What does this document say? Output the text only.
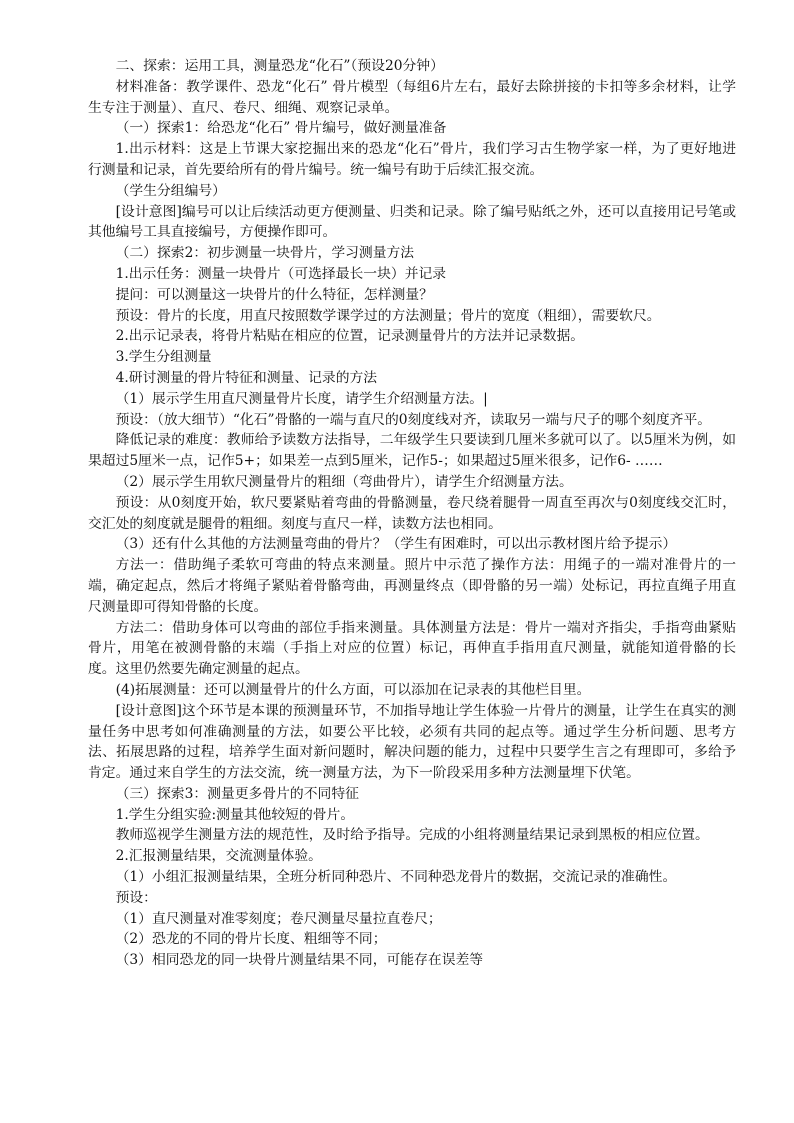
二、探索：运用工具，测量恐龙“化石”（预设20分钟）

材料准备：教学课件、恐龙“化石” 骨片模型（每组6片左右，最好去除拼接的卡扣等多余材料，让学生专注于测量）、直尺、卷尺、细绳、观察记录单。

（一）探索1：给恐龙“化石” 骨片编号，做好测量准备

1.出示材料：这是上节课大家挖掘出来的恐龙“化石”骨片，我们学习古生物学家一样，为了更好地进行测量和记录，首先要给所有的骨片编号。统一编号有助于后续汇报交流。

（学生分组编号）

[设计意图]编号可以让后续活动更方便测量、归类和记录。除了编号贴纸之外，还可以直接用记号笔或其他编号工具直接编号，方便操作即可。

（二）探索2：初步测量一块骨片，学习测量方法

1.出示任务：测量一块骨片（可选择最长一块）并记录

提问：可以测量这一块骨片的什么特征，怎样测量？

预设：骨片的长度，用直尺按照数学课学过的方法测量；骨片的宽度（粗细），需要软尺。

2.出示记录表，将骨片粘贴在相应的位置，记录测量骨片的方法并记录数据。

3.学生分组测量

4.研讨测量的骨片特征和测量、记录的方法

（1）展示学生用直尺测量骨片长度，请学生介绍测量方法。|

预设：（放大细节）“化石”骨骼的一端与直尺的0刻度线对齐，读取另一端与尺子的哪个刻度齐平。

降低记录的难度：教师给予读数方法指导，二年级学生只要读到几厘米多就可以了。以5厘米为例，如果超过5厘米一点，记作5+；如果差一点到5厘米，记作5-；如果超过5厘米很多，记作6- ……

（2）展示学生用软尺测量骨片的粗细（弯曲骨片），请学生介绍测量方法。

预设：从0刻度开始，软尺要紧贴着弯曲的骨骼测量，卷尺绕着腿骨一周直至再次与0刻度线交汇时，交汇处的刻度就是腿骨的粗细。刻度与直尺一样，读数方法也相同。

（3）还有什么其他的方法测量弯曲的骨片？（学生有困难时，可以出示教材图片给予提示）

方法一：借助绳子柔软可弯曲的特点来测量。照片中示范了操作方法：用绳子的一端对准骨片的一端，确定起点，然后才将绳子紧贴着骨骼弯曲，再测量终点（即骨骼的另一端）处标记，再拉直绳子用直尺测量即可得知骨骼的长度。

方法二：借助身体可以弯曲的部位手指来测量。具体测量方法是：骨片一端对齐指尖，手指弯曲紧贴骨片，用笔在被测骨骼的末端（手指上对应的位置）标记，再伸直手指用直尺测量，就能知道骨骼的长度。这里仍然要先确定测量的起点。

(4)拓展测量：还可以测量骨片的什么方面，可以添加在记录表的其他栏目里。

[设计意图]这个环节是本课的预测量环节，不加指导地让学生体验一片骨片的测量，让学生在真实的测量任务中思考如何准确测量的方法，如要公平比较，必须有共同的起点等。通过学生分析问题、思考方法、拓展思路的过程，培养学生面对新问题时，解决问题的能力，过程中只要学生言之有理即可，多给予肯定。通过来自学生的方法交流，统一测量方法，为下一阶段采用多种方法测量埋下伏笔。

（三）探索3：测量更多骨片的不同特征

1.学生分组实验:测量其他较短的骨片。

教师巡视学生测量方法的规范性，及时给予指导。完成的小组将测量结果记录到黑板的相应位置。

2.汇报测量结果，交流测量体验。

（1）小组汇报测量结果，全班分析同种恐片、不同种恐龙骨片的数据，交流记录的准确性。

预设：

（1）直尺测量对准零刻度；卷尺测量尽量拉直卷尺；

（2）恐龙的不同的骨片长度、粗细等不同；

（3）相同恐龙的同一块骨片测量结果不同，可能存在误差等
